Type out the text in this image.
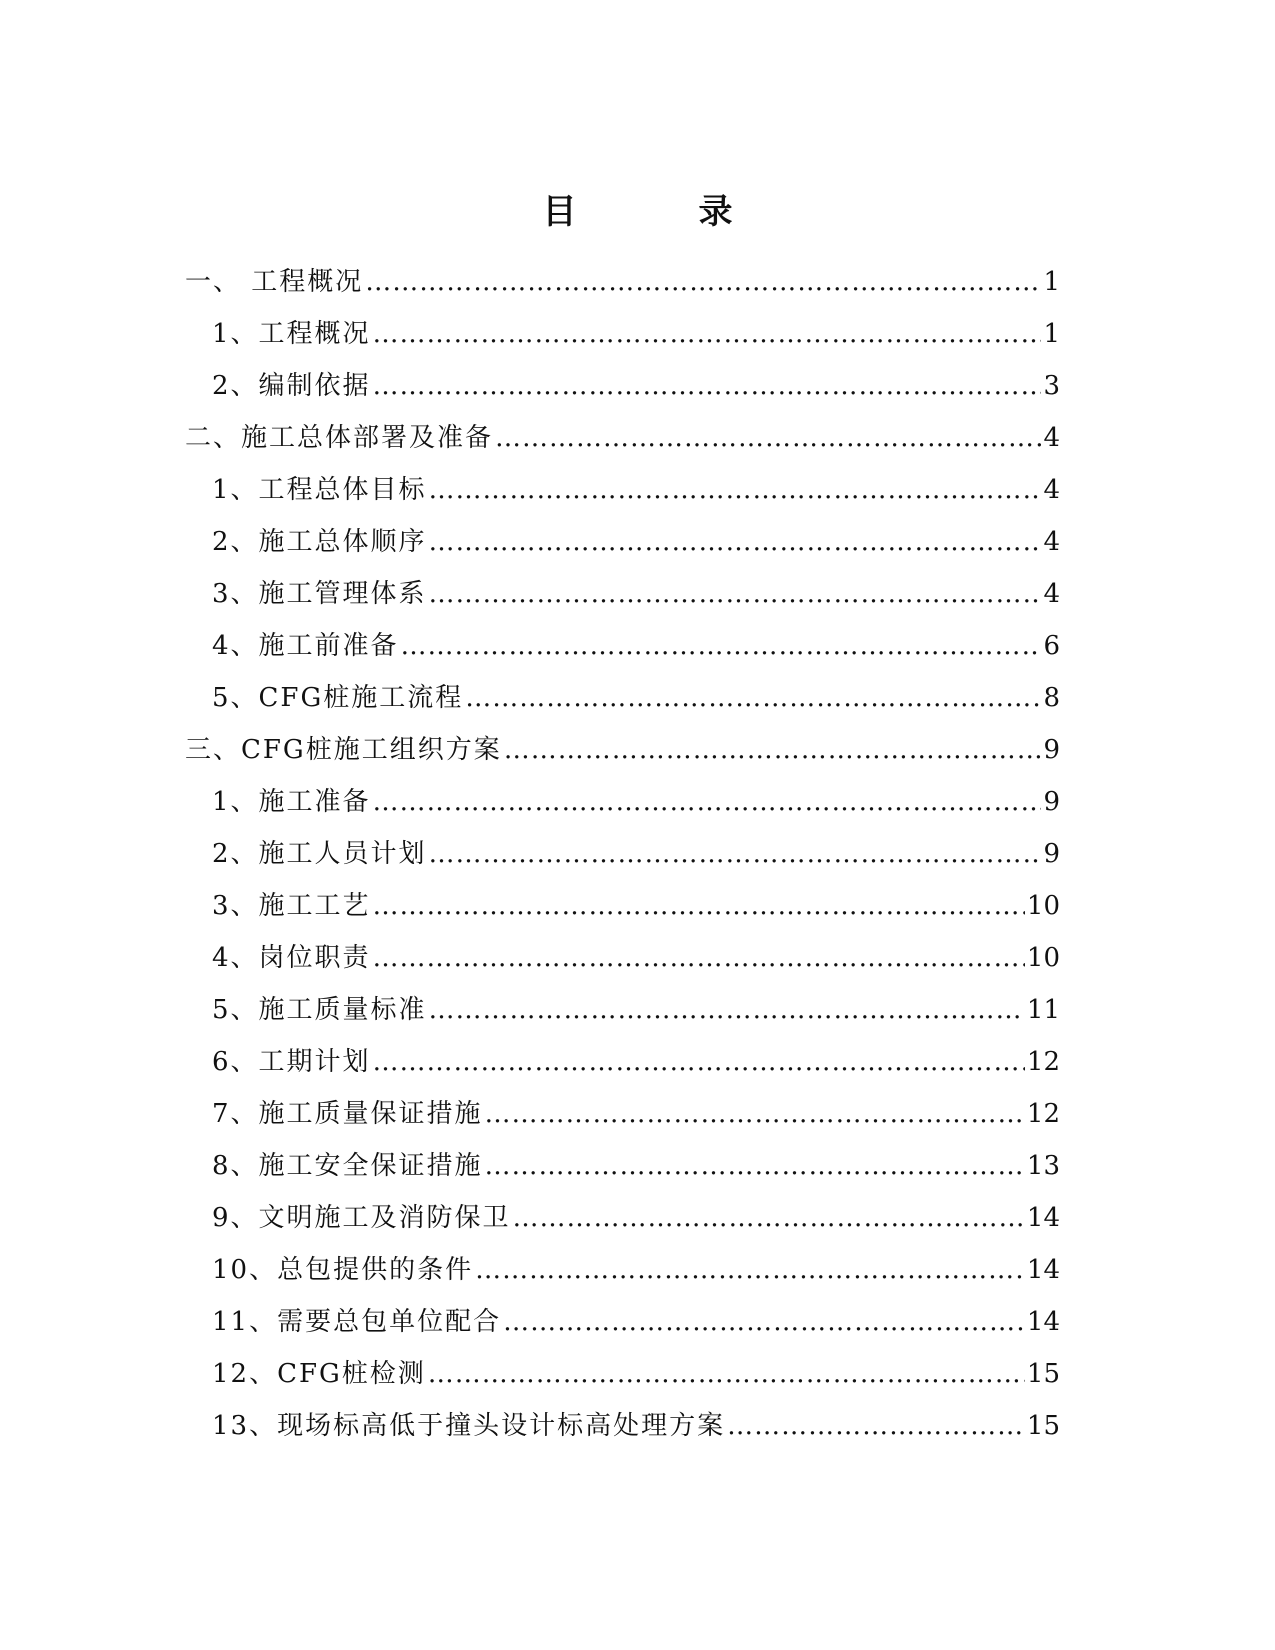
目　录
一、 工程概况 ……………………………………………………………………………………………………………………………………………………	1
1、工程概况 ……………………………………………………………………………………………………………………………………………………	1
2、编制依据 ……………………………………………………………………………………………………………………………………………………	3
二、施工总体部署及准备 ……………………………………………………………………………………………………………………………………………………	4
1、工程总体目标 ……………………………………………………………………………………………………………………………………………………	4
2、施工总体顺序 ……………………………………………………………………………………………………………………………………………………	4
3、施工管理体系 ……………………………………………………………………………………………………………………………………………………	4
4、施工前准备 ……………………………………………………………………………………………………………………………………………………	6
5、CFG桩施工流程 ……………………………………………………………………………………………………………………………………………………	8
三、CFG桩施工组织方案 ……………………………………………………………………………………………………………………………………………………	9
1、施工准备 ……………………………………………………………………………………………………………………………………………………	9
2、施工人员计划 ……………………………………………………………………………………………………………………………………………………	9
3、施工工艺 ……………………………………………………………………………………………………………………………………………………	10
4、岗位职责 ……………………………………………………………………………………………………………………………………………………	10
5、施工质量标准 ……………………………………………………………………………………………………………………………………………………	11
6、工期计划 ……………………………………………………………………………………………………………………………………………………	12
7、施工质量保证措施 ……………………………………………………………………………………………………………………………………………………	12
8、施工安全保证措施 ……………………………………………………………………………………………………………………………………………………	13
9、文明施工及消防保卫 ……………………………………………………………………………………………………………………………………………………	14
10、总包提供的条件 ……………………………………………………………………………………………………………………………………………………	14
11、需要总包单位配合 ……………………………………………………………………………………………………………………………………………………	14
12、CFG桩检测 ……………………………………………………………………………………………………………………………………………………	15
13、现场标高低于撞头设计标高处理方案 ……………………………………………………………………………………………………………………………………………………	15
